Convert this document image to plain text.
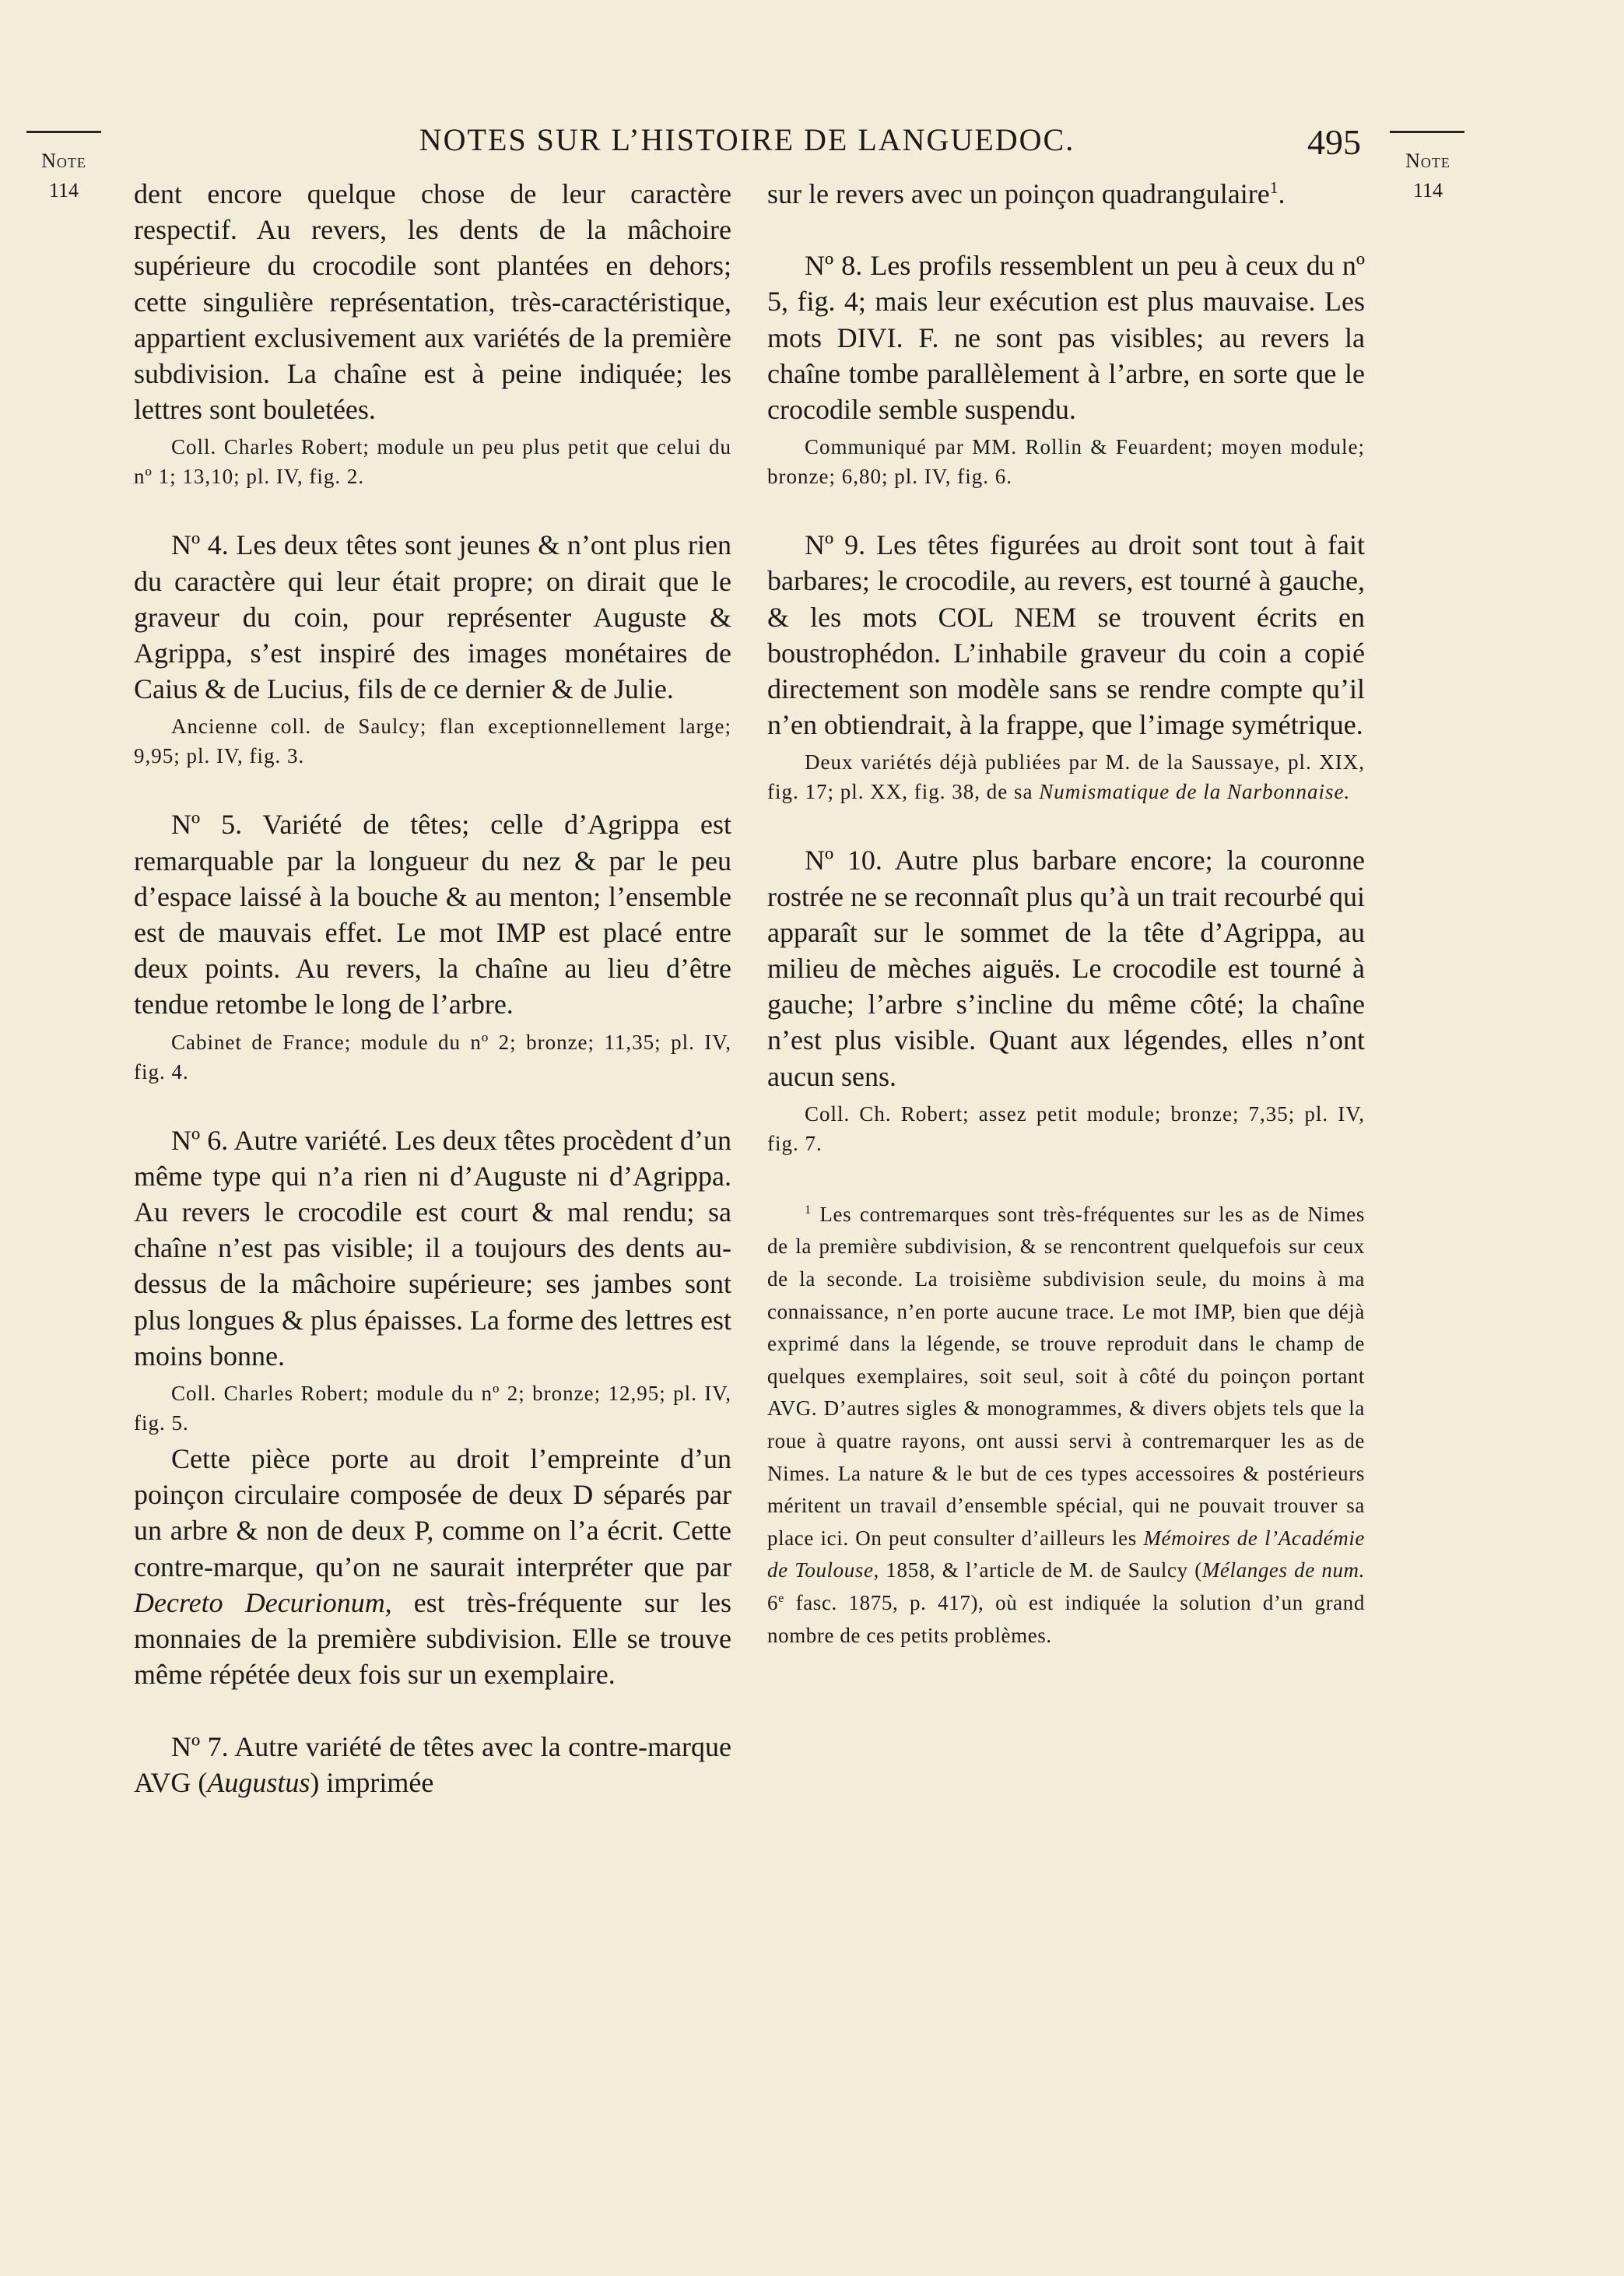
Note
114
Note
114
NOTES SUR L’HISTOIRE DE LANGUEDOC.	495

dent encore quelque chose de leur caractère respectif. Au revers, les dents de la mâchoire supérieure du crocodile sont plantées en dehors; cette singulière représentation, très-caractéristique, appartient exclusivement aux variétés de la première subdivision. La chaîne est à peine indiquée; les lettres sont bouletées.

Coll. Charles Robert; module un peu plus petit que celui du nº 1; 13,10; pl. IV, fig. 2.

Nº 4. Les deux têtes sont jeunes & n’ont plus rien du caractère qui leur était propre; on dirait que le graveur du coin, pour représenter Auguste & Agrippa, s’est inspiré des images monétaires de Caius & de Lucius, fils de ce dernier & de Julie.

Ancienne coll. de Saulcy; flan exceptionnellement large; 9,95; pl. IV, fig. 3.

Nº 5. Variété de têtes; celle d’Agrippa est remarquable par la longueur du nez & par le peu d’espace laissé à la bouche & au menton; l’ensemble est de mauvais effet. Le mot IMP est placé entre deux points. Au revers, la chaîne au lieu d’être tendue retombe le long de l’arbre.

Cabinet de France; module du nº 2; bronze; 11,35; pl. IV, fig. 4.

Nº 6. Autre variété. Les deux têtes procèdent d’un même type qui n’a rien ni d’Auguste ni d’Agrippa. Au revers le crocodile est court & mal rendu; sa chaîne n’est pas visible; il a toujours des dents au-dessus de la mâchoire supérieure; ses jambes sont plus longues & plus épaisses. La forme des lettres est moins bonne.

Coll. Charles Robert; module du nº 2; bronze; 12,95; pl. IV, fig. 5.

Cette pièce porte au droit l’empreinte d’un poinçon circulaire composée de deux D séparés par un arbre & non de deux P, comme on l’a écrit. Cette contre-marque, qu’on ne saurait interpréter que par Decreto Decurionum, est très-fréquente sur les monnaies de la première subdivision. Elle se trouve même répétée deux fois sur un exemplaire.

Nº 7. Autre variété de têtes avec la contre-marque AVG (Augustus) imprimée

sur le revers avec un poinçon quadrangulaire$^1$.

Nº 8. Les profils ressemblent un peu à ceux du nº 5, fig. 4; mais leur exécution est plus mauvaise. Les mots DIVI. F. ne sont pas visibles; au revers la chaîne tombe parallèlement à l’arbre, en sorte que le crocodile semble suspendu.

Communiqué par MM. Rollin & Feuardent; moyen module; bronze; 6,80; pl. IV, fig. 6.

Nº 9. Les têtes figurées au droit sont tout à fait barbares; le crocodile, au revers, est tourné à gauche, & les mots COL NEM se trouvent écrits en boustrophédon. L’inhabile graveur du coin a copié directement son modèle sans se rendre compte qu’il n’en obtiendrait, à la frappe, que l’image symétrique.

Deux variétés déjà publiées par M. de la Saussaye, pl. XIX, fig. 17; pl. XX, fig. 38, de sa Numismatique de la Narbonnaise.

Nº 10. Autre plus barbare encore; la couronne rostrée ne se reconnaît plus qu’à un trait recourbé qui apparaît sur le sommet de la tête d’Agrippa, au milieu de mèches aiguës. Le crocodile est tourné à gauche; l’arbre s’incline du même côté; la chaîne n’est plus visible. Quant aux légendes, elles n’ont aucun sens.

Coll. Ch. Robert; assez petit module; bronze; 7,35; pl. IV, fig. 7.

$^1$ Les contremarques sont très-fréquentes sur les as de Nimes de la première subdivision, & se rencontrent quelquefois sur ceux de la seconde. La troisième subdivision seule, du moins à ma connaissance, n’en porte aucune trace. Le mot IMP, bien que déjà exprimé dans la légende, se trouve reproduit dans le champ de quelques exemplaires, soit seul, soit à côté du poinçon portant AVG. D’autres sigles & monogrammes, & divers objets tels que la roue à quatre rayons, ont aussi servi à contremarquer les as de Nimes. La nature & le but de ces types accessoires & postérieurs méritent un travail d’ensemble spécial, qui ne pouvait trouver sa place ici. On peut consulter d’ailleurs les Mémoires de l’Académie de Toulouse, 1858, & l’article de M. de Saulcy (Mélanges de num. 6e fasc. 1875, p. 417), où est indiquée la solution d’un grand nombre de ces petits problèmes.
